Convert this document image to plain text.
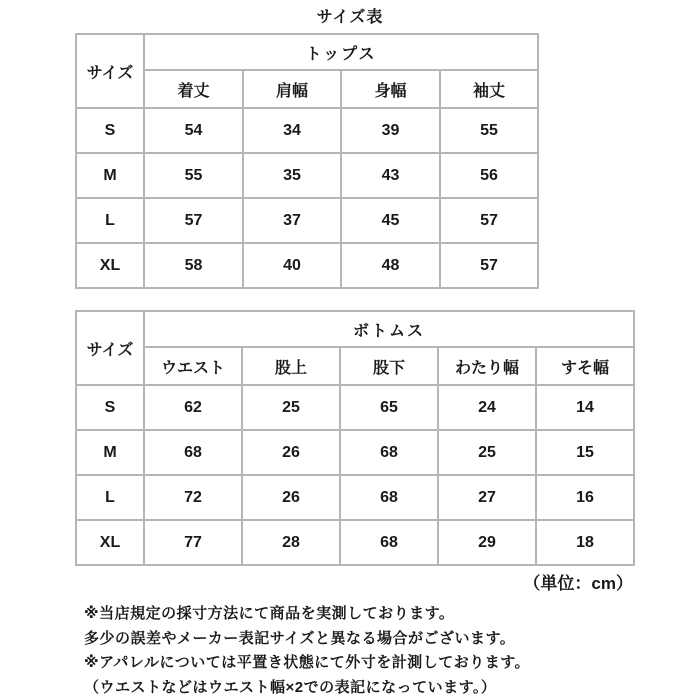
サイズ表
サイズ	トップス			
	着丈	肩幅	身幅	袖丈
S	54	34	39	55
M	55	35	43	56
L	57	37	45	57
XL	58	40	48	57
サイズ	ボトムス				
	ウエスト	股上	股下	わたり幅	すそ幅
S	62	25	65	24	14
M	68	26	68	25	15
L	72	26	68	27	16
XL	77	28	68	29	18
（単位：cm）
※当店規定の採寸方法にて商品を実測しております。
多少の誤差やメーカー表記サイズと異なる場合がございます。
※アパレルについては平置き状態にて外寸を計測しております。
（ウエストなどはウエスト幅×2での表記になっています。）
